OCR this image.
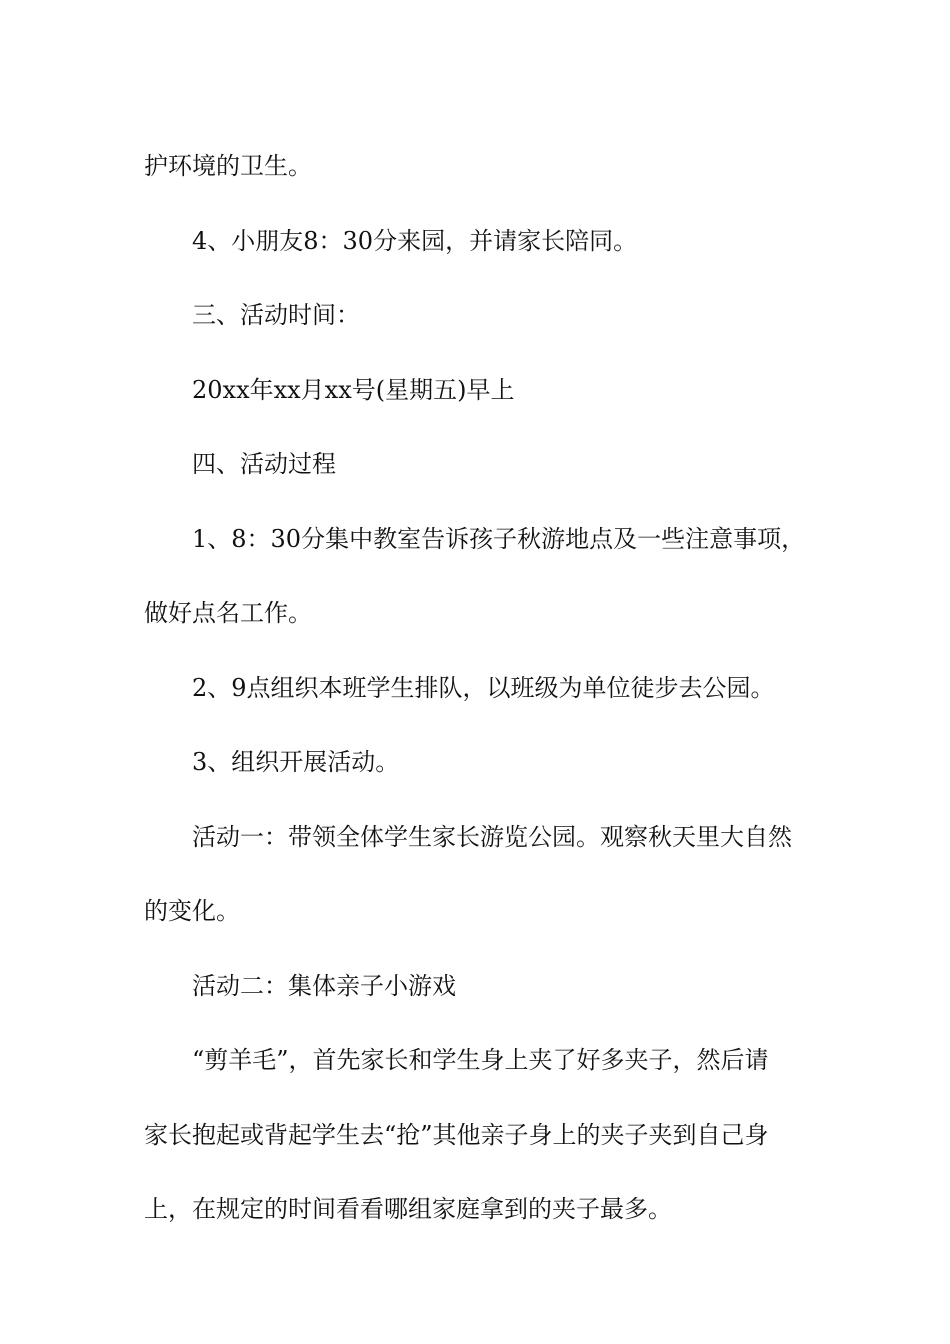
护环境的卫生。

4、小朋友8：30分来园，并请家长陪同。

三、活动时间：

20xx年xx月xx号(星期五)早上

四、活动过程

1、8：30分集中教室告诉孩子秋游地点及一些注意事项，

做好点名工作。

2、9点组织本班学生排队，以班级为单位徒步去公园。

3、组织开展活动。

活动一：带领全体学生家长游览公园。观察秋天里大自然

的变化。

活动二：集体亲子小游戏

“剪羊毛”，首先家长和学生身上夹了好多夹子，然后请

家长抱起或背起学生去“抢”其他亲子身上的夹子夹到自己身

上，在规定的时间看看哪组家庭拿到的夹子最多。
